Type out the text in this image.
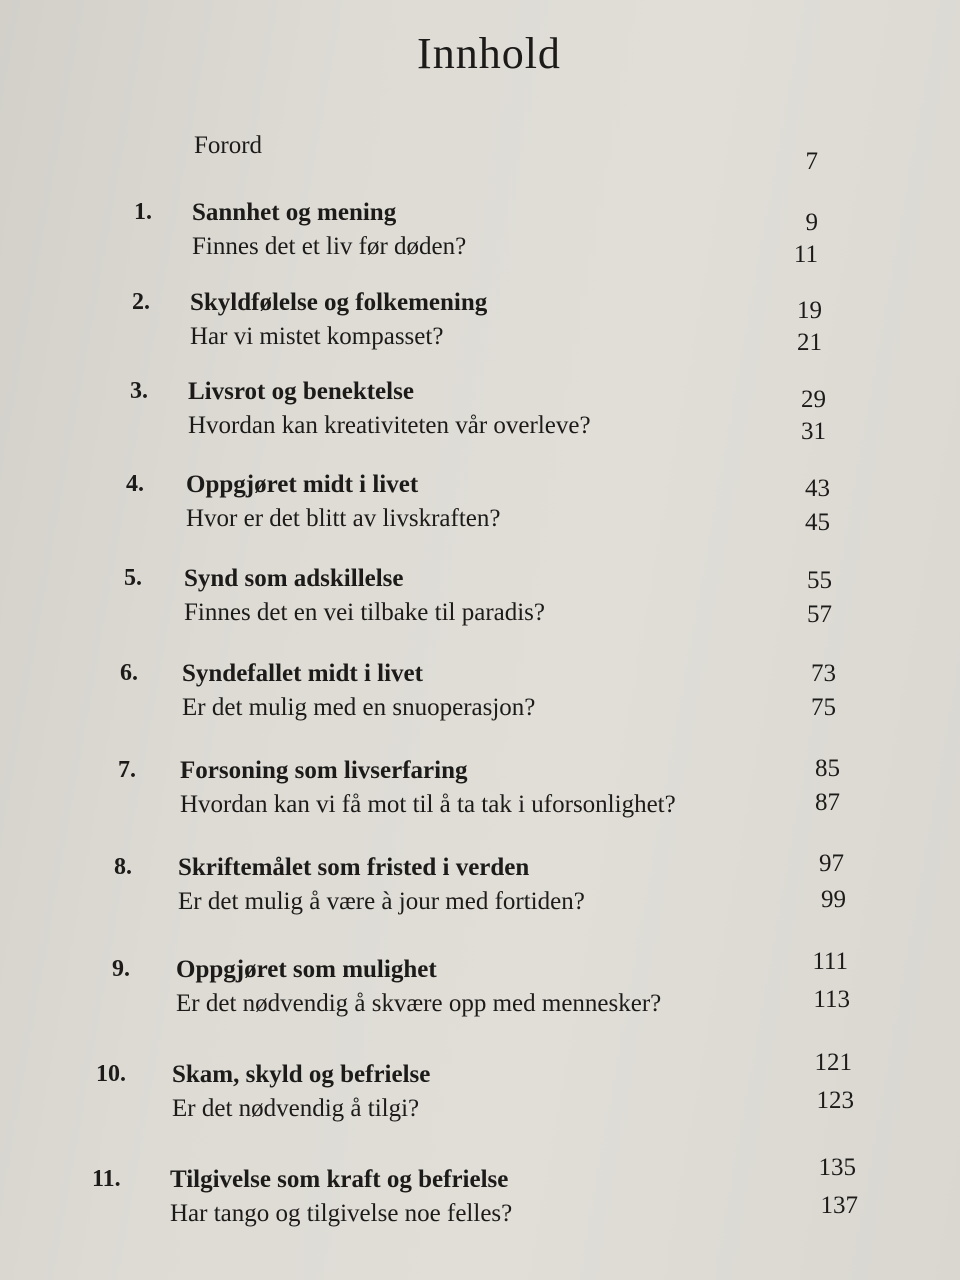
Innhold
Forord
7
1. Sannhet og mening
Finnes det et liv før døden?
9
11
2. Skyldfølelse og folkemening
Har vi mistet kompasset?
19
21
3. Livsrot og benektelse
Hvordan kan kreativiteten vår overleve?
29
31
4. Oppgjøret midt i livet
Hvor er det blitt av livskraften?
43
45
5. Synd som adskillelse
Finnes det en vei tilbake til paradis?
55
57
6. Syndefallet midt i livet
Er det mulig med en snuoperasjon?
73
75
7. Forsoning som livserfaring
Hvordan kan vi få mot til å ta tak i uforsonlighet?
85
87
8. Skriftemålet som fristed i verden
Er det mulig å være à jour med fortiden?
97
99
9. Oppgjøret som mulighet
Er det nødvendig å skvære opp med mennesker?
111
113
10. Skam, skyld og befrielse
Er det nødvendig å tilgi?
121
123
11. Tilgivelse som kraft og befrielse
Har tango og tilgivelse noe felles?
135
137
